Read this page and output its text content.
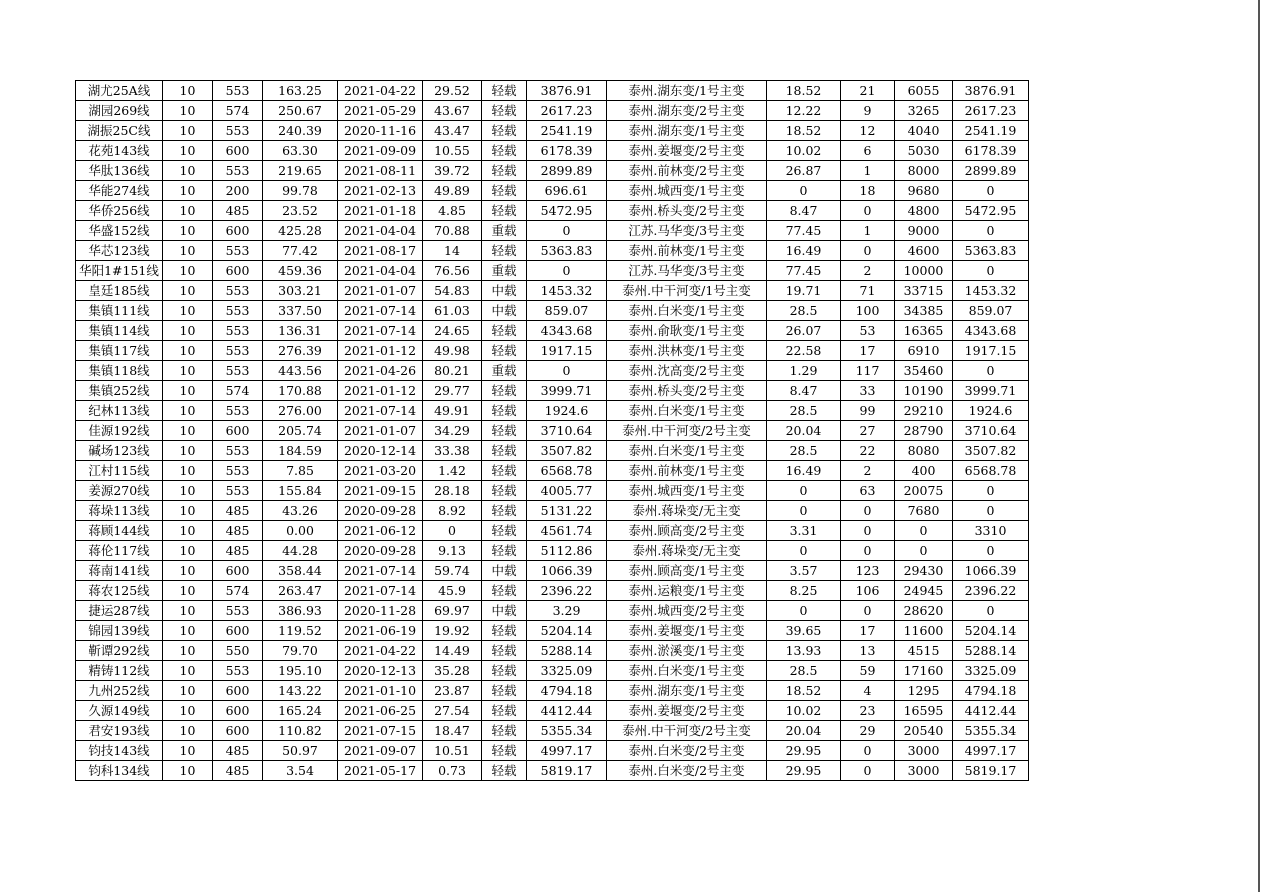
湖尤25A线	10	553	163.25	2021-04-22	29.52	轻载	3876.91	泰州.湖东变/1号主变	18.52	21	6055	3876.91
湖园269线	10	574	250.67	2021-05-29	43.67	轻载	2617.23	泰州.湖东变/2号主变	12.22	9	3265	2617.23
湖振25C线	10	553	240.39	2020-11-16	43.47	轻载	2541.19	泰州.湖东变/1号主变	18.52	12	4040	2541.19
花苑143线	10	600	63.30	2021-09-09	10.55	轻载	6178.39	泰州.姜堰变/2号主变	10.02	6	5030	6178.39
华肽136线	10	553	219.65	2021-08-11	39.72	轻载	2899.89	泰州.前林变/2号主变	26.87	1	8000	2899.89
华能274线	10	200	99.78	2021-02-13	49.89	轻载	696.61	泰州.城西变/1号主变	0	18	9680	0
华侨256线	10	485	23.52	2021-01-18	4.85	轻载	5472.95	泰州.桥头变/2号主变	8.47	0	4800	5472.95
华盛152线	10	600	425.28	2021-04-04	70.88	重载	0	江苏.马华变/3号主变	77.45	1	9000	0
华芯123线	10	553	77.42	2021-08-17	14	轻载	5363.83	泰州.前林变/1号主变	16.49	0	4600	5363.83
华阳1#151线	10	600	459.36	2021-04-04	76.56	重载	0	江苏.马华变/3号主变	77.45	2	10000	0
皇廷185线	10	553	303.21	2021-01-07	54.83	中载	1453.32	泰州.中干河变/1号主变	19.71	71	33715	1453.32
集镇111线	10	553	337.50	2021-07-14	61.03	中载	859.07	泰州.白米变/1号主变	28.5	100	34385	859.07
集镇114线	10	553	136.31	2021-07-14	24.65	轻载	4343.68	泰州.俞耿变/1号主变	26.07	53	16365	4343.68
集镇117线	10	553	276.39	2021-01-12	49.98	轻载	1917.15	泰州.洪林变/1号主变	22.58	17	6910	1917.15
集镇118线	10	553	443.56	2021-04-26	80.21	重载	0	泰州.沈高变/2号主变	1.29	117	35460	0
集镇252线	10	574	170.88	2021-01-12	29.77	轻载	3999.71	泰州.桥头变/2号主变	8.47	33	10190	3999.71
纪林113线	10	553	276.00	2021-07-14	49.91	轻载	1924.6	泰州.白米变/1号主变	28.5	99	29210	1924.6
佳源192线	10	600	205.74	2021-01-07	34.29	轻载	3710.64	泰州.中干河变/2号主变	20.04	27	28790	3710.64
碱场123线	10	553	184.59	2020-12-14	33.38	轻载	3507.82	泰州.白米变/1号主变	28.5	22	8080	3507.82
江村115线	10	553	7.85	2021-03-20	1.42	轻载	6568.78	泰州.前林变/1号主变	16.49	2	400	6568.78
姜源270线	10	553	155.84	2021-09-15	28.18	轻载	4005.77	泰州.城西变/1号主变	0	63	20075	0
蒋垛113线	10	485	43.26	2020-09-28	8.92	轻载	5131.22	泰州.蒋垛变/无主变	0	0	7680	0
蒋顾144线	10	485	0.00	2021-06-12	0	轻载	4561.74	泰州.顾高变/2号主变	3.31	0	0	3310
蒋伦117线	10	485	44.28	2020-09-28	9.13	轻载	5112.86	泰州.蒋垛变/无主变	0	0	0	0
蒋南141线	10	600	358.44	2021-07-14	59.74	中载	1066.39	泰州.顾高变/1号主变	3.57	123	29430	1066.39
蒋农125线	10	574	263.47	2021-07-14	45.9	轻载	2396.22	泰州.运粮变/1号主变	8.25	106	24945	2396.22
捷运287线	10	553	386.93	2020-11-28	69.97	中载	3.29	泰州.城西变/2号主变	0	0	28620	0
锦园139线	10	600	119.52	2021-06-19	19.92	轻载	5204.14	泰州.姜堰变/1号主变	39.65	17	11600	5204.14
靳谭292线	10	550	79.70	2021-04-22	14.49	轻载	5288.14	泰州.淤溪变/1号主变	13.93	13	4515	5288.14
精铸112线	10	553	195.10	2020-12-13	35.28	轻载	3325.09	泰州.白米变/1号主变	28.5	59	17160	3325.09
九州252线	10	600	143.22	2021-01-10	23.87	轻载	4794.18	泰州.湖东变/1号主变	18.52	4	1295	4794.18
久源149线	10	600	165.24	2021-06-25	27.54	轻载	4412.44	泰州.姜堰变/2号主变	10.02	23	16595	4412.44
君安193线	10	600	110.82	2021-07-15	18.47	轻载	5355.34	泰州.中干河变/2号主变	20.04	29	20540	5355.34
钧技143线	10	485	50.97	2021-09-07	10.51	轻载	4997.17	泰州.白米变/2号主变	29.95	0	3000	4997.17
钧科134线	10	485	3.54	2021-05-17	0.73	轻载	5819.17	泰州.白米变/2号主变	29.95	0	3000	5819.17
